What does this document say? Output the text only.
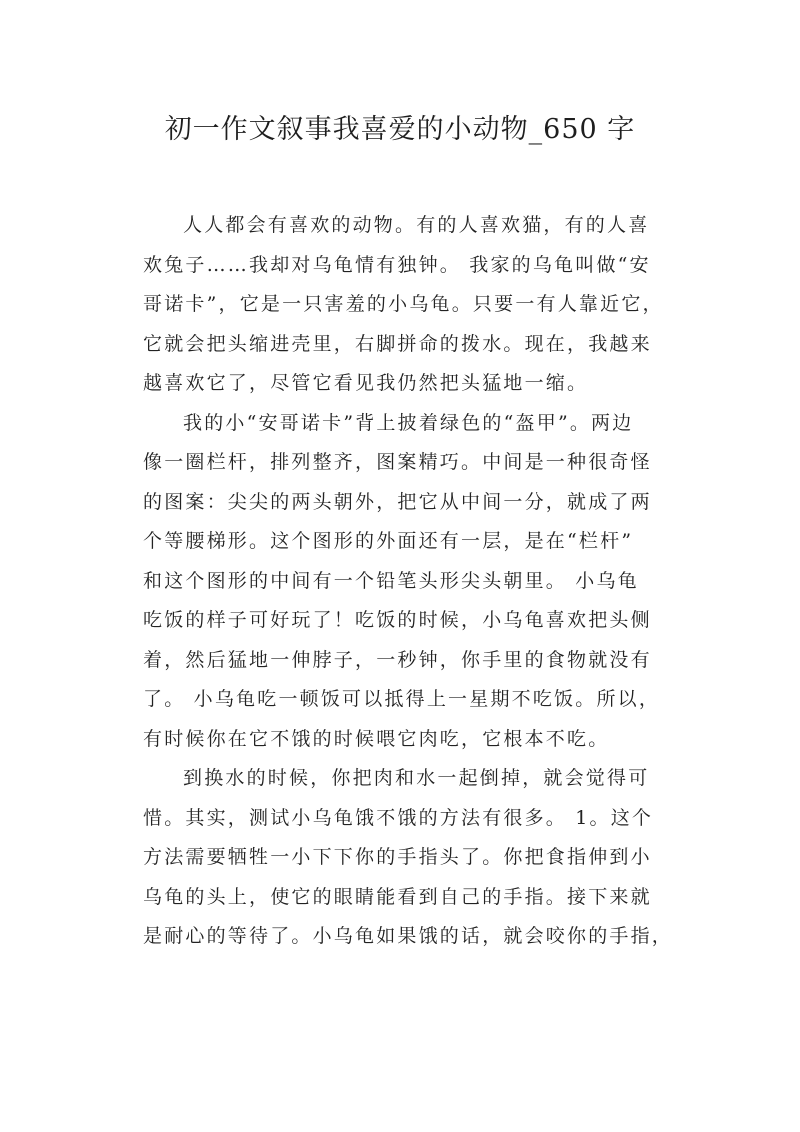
初一作文叙事我喜爱的小动物_650 字
人人都会有喜欢的动物。有的人喜欢猫，有的人喜
欢兔子……我却对乌龟情有独钟。 我家的乌龟叫做“安
哥诺卡”，它是一只害羞的小乌龟。只要一有人靠近它，
它就会把头缩进壳里，右脚拼命的拨水。现在，我越来
越喜欢它了，尽管它看见我仍然把头猛地一缩。
我的小“安哥诺卡”背上披着绿色的“盔甲”。两边
像一圈栏杆，排列整齐，图案精巧。中间是一种很奇怪
的图案：尖尖的两头朝外，把它从中间一分，就成了两
个等腰梯形。这个图形的外面还有一层，是在“栏杆”
和这个图形的中间有一个铅笔头形尖头朝里。 小乌龟
吃饭的样子可好玩了！吃饭的时候，小乌龟喜欢把头侧
着，然后猛地一伸脖子，一秒钟，你手里的食物就没有
了。 小乌龟吃一顿饭可以抵得上一星期不吃饭。所以，
有时候你在它不饿的时候喂它肉吃，它根本不吃。
到换水的时候，你把肉和水一起倒掉，就会觉得可
惜。其实，测试小乌龟饿不饿的方法有很多。 1。这个
方法需要牺牲一小下下你的手指头了。你把食指伸到小
乌龟的头上，使它的眼睛能看到自己的手指。接下来就
是耐心的等待了。小乌龟如果饿的话，就会咬你的手指，
